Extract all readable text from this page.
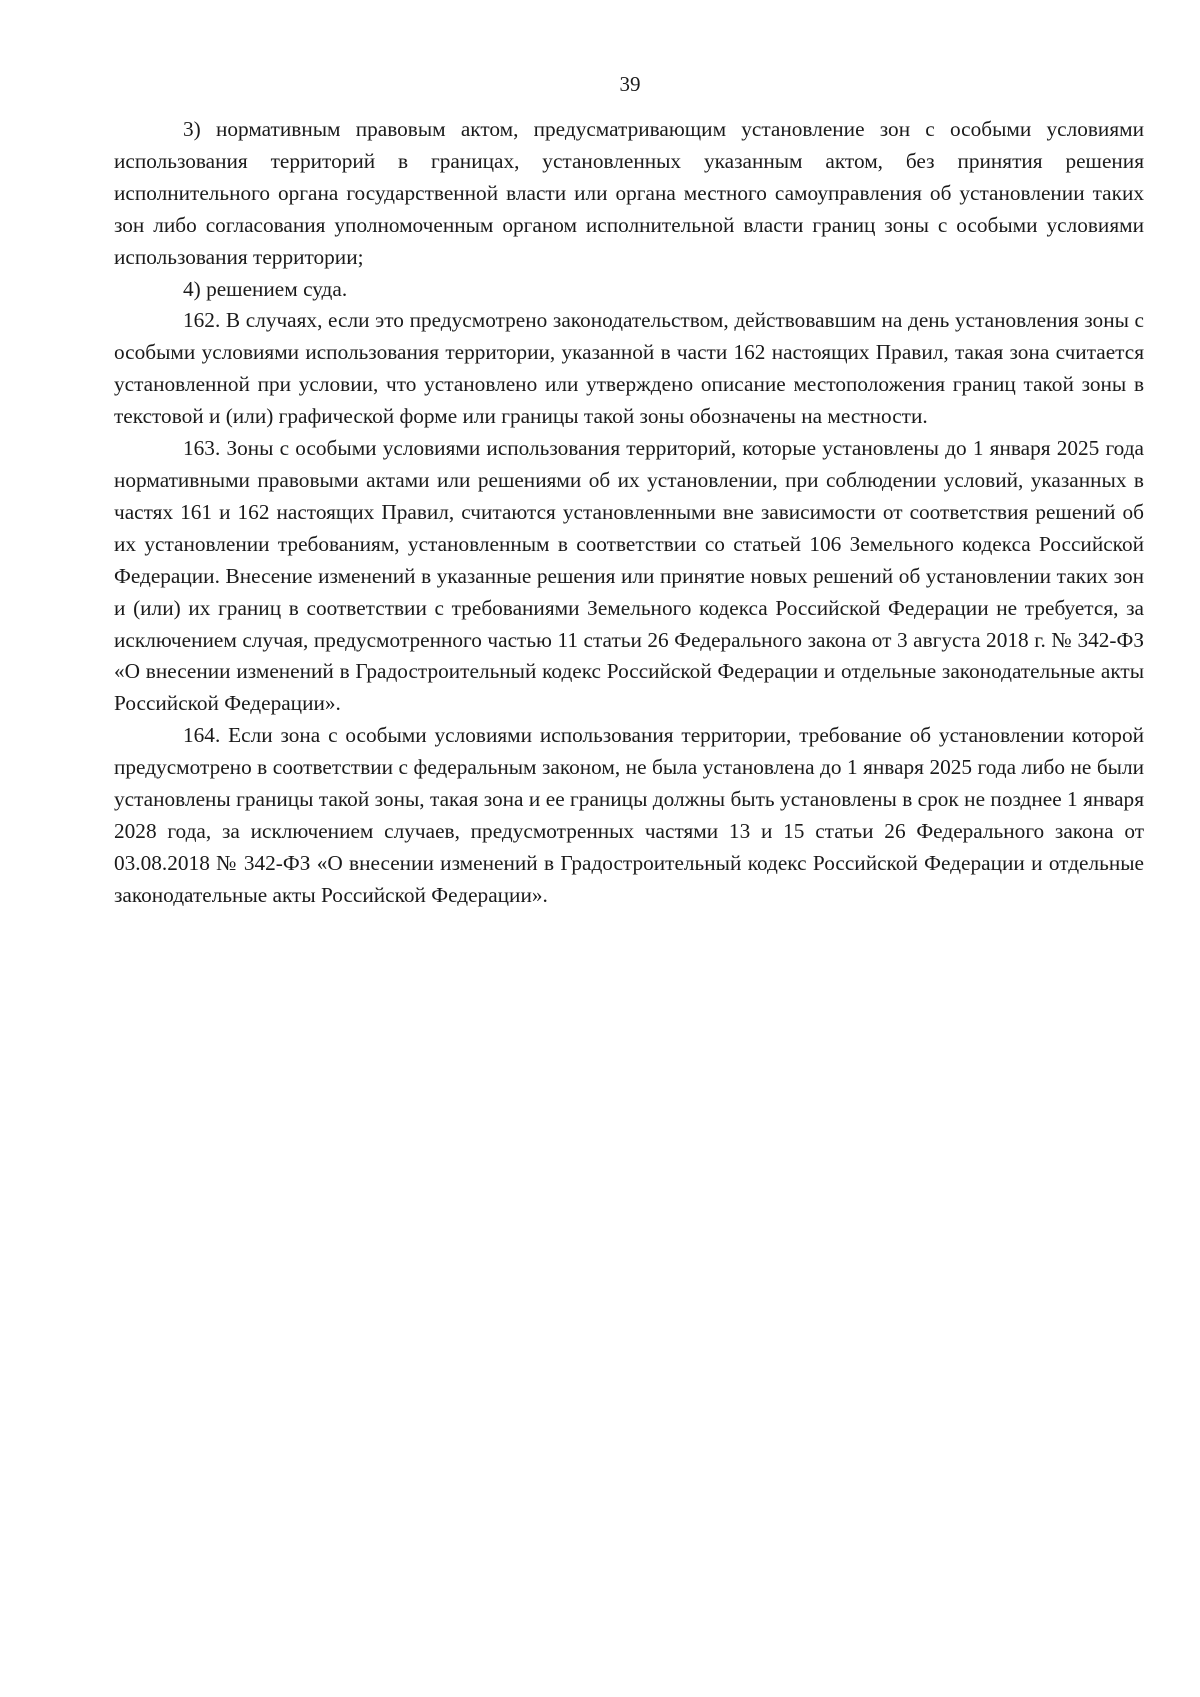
39

3) нормативным правовым актом, предусматривающим установление зон с особыми условиями использования территорий в границах, установленных указанным актом, без принятия решения исполнительного органа государственной власти или органа местного самоуправления об установлении таких зон либо согласования уполномоченным органом исполнительной власти границ зоны с особыми условиями использования территории;

4) решением суда.

162. В случаях, если это предусмотрено законодательством, действовавшим на день установления зоны с особыми условиями использования территории, указанной в части 162 настоящих Правил, такая зона считается установленной при условии, что установлено или утверждено описание местоположения границ такой зоны в текстовой и (или) графической форме или границы такой зоны обозначены на местности.

163. Зоны с особыми условиями использования территорий, которые установлены до 1 января 2025 года нормативными правовыми актами или решениями об их установлении, при соблюдении условий, указанных в частях 161 и 162 настоящих Правил, считаются установленными вне зависимости от соответствия решений об их установлении требованиям, установленным в соответствии со статьей 106 Земельного кодекса Российской Федерации. Внесение изменений в указанные решения или принятие новых решений об установлении таких зон и (или) их границ в соответствии с требованиями Земельного кодекса Российской Федерации не требуется, за исключением случая, предусмотренного частью 11 статьи 26 Федерального закона от 3 августа 2018 г. № 342-ФЗ «О внесении изменений в Градостроительный кодекс Российской Федерации и отдельные законодательные акты Российской Федерации».

164. Если зона с особыми условиями использования территории, требование об установлении которой предусмотрено в соответствии с федеральным законом, не была установлена до 1 января 2025 года либо не были установлены границы такой зоны, такая зона и ее границы должны быть установлены в срок не позднее 1 января 2028 года, за исключением случаев, предусмотренных частями 13 и 15 статьи 26 Федерального закона от 03.08.2018 № 342-ФЗ «О внесении изменений в Градостроительный кодекс Российской Федерации и отдельные законодательные акты Российской Федерации».
